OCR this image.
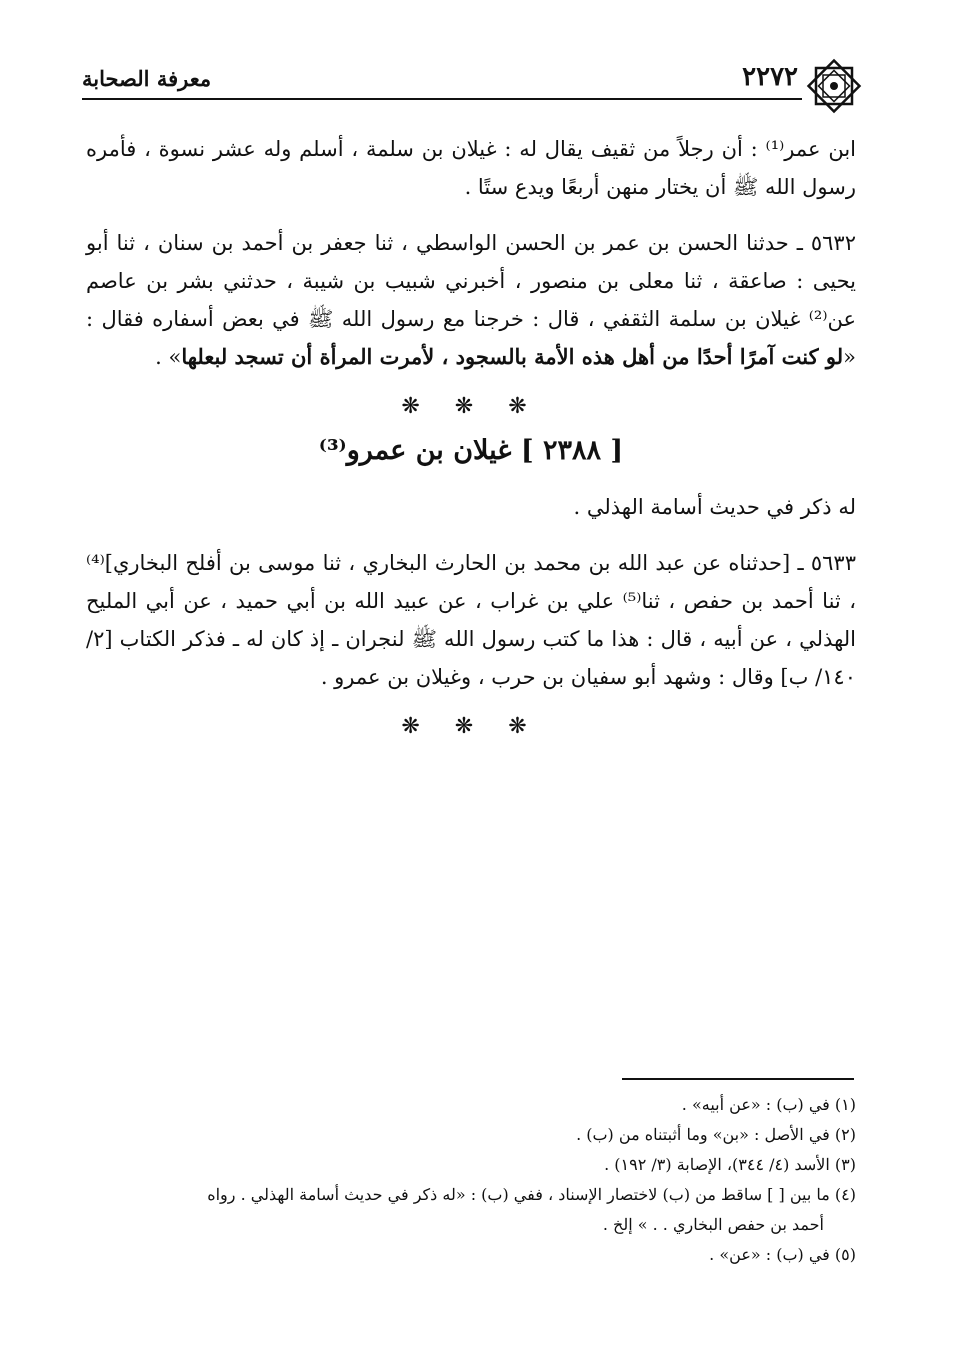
٢٢٧٢
معرفة الصحابة

ابن عمر⁽¹⁾ : أن رجلاً من ثقيف يقال له : غيلان بن سلمة ، أسلم وله عشر نسوة ، فأمره رسول الله ﷺ أن يختار منهن أربعًا ويدع ستًا .

٥٦٣٢ ـ حدثنا الحسن بن عمر بن الحسن الواسطي ، ثنا جعفر بن أحمد بن سنان ، ثنا أبو يحيى : صاعقة ، ثنا معلى بن منصور ، أخبرني شبيب بن شيبة ، حدثني بشر بن عاصم عن⁽²⁾ غيلان بن سلمة الثقفي ، قال : خرجنا مع رسول الله ﷺ في بعض أسفاره فقال : «لو كنت آمرًا أحدًا من أهل هذه الأمة بالسجود ، لأمرت المرأة أن تسجد لبعلها» .

❋ ❋ ❋
[ ٢٣٨٨ ] غيلان بن عمرو⁽³⁾

له ذكر في حديث أسامة الهذلي .

٥٦٣٣ ـ [حدثناه عن عبد الله بن محمد بن الحارث البخاري ، ثنا موسى بن أفلح البخاري]⁽⁴⁾ ، ثنا أحمد بن حفص ، ثنا⁽⁵⁾ علي بن غراب ، عن عبيد الله بن أبي حميد ، عن أبي المليح الهذلي ، عن أبيه ، قال : هذا ما كتب رسول الله ﷺ لنجران ـ إذ كان له ـ فذكر الكتاب [٢/ ١٤٠/ ب] وقال : وشهد أبو سفيان بن حرب ، وغيلان بن عمرو .

❋ ❋ ❋

(١) في (ب) : «عن أبيه» .

(٢) في الأصل : «بن» وما أثبتناه من (ب) .

(٣) الأسد (٤/ ٣٤٤)، الإصابة (٣/ ١٩٢) .

(٤) ما بين [ ] ساقط من (ب) لاختصار الإسناد ، ففي (ب) : «له ذكر في حديث أسامة الهذلي . رواه

أحمد بن حفص البخاري . . » إلخ .

(٥) في (ب) : «عن» .
